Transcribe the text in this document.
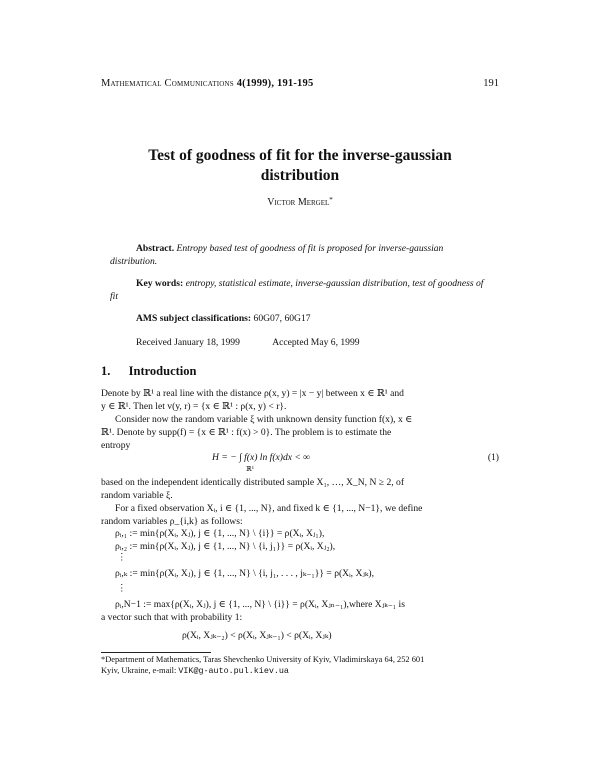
Mathematical Communications 4(1999), 191-195	191
Test of goodness of fit for the inverse-gaussian
distribution
Victor Mergel*
Abstract. Entropy based test of goodness of fit is proposed for inverse-gaussian distribution.
Key words: entropy, statistical estimate, inverse-gaussian distribution, test of goodness of fit
AMS subject classifications: 60G07, 60G17
Received January 18, 1999	Accepted May 6, 1999
1. Introduction
Denote by ℝ¹ a real line with the distance ρ(x, y) = |x − y| between x ∈ ℝ¹ and
y ∈ ℝ¹. Then let v(y, r) = {x ∈ ℝ¹ : ρ(x, y) < r}.
Consider now the random variable ξ with unknown density function f(x), x ∈
ℝ¹. Denote by supp(f) = {x ∈ ℝ¹ : f(x) > 0}. The problem is to estimate the
entropy
H = − ∫ f(x) ln f(x)dx < ∞
ℝ¹
(1)
based on the independent identically distributed sample X₁, …, X_N, N ≥ 2, of
random variable ξ.
For a fixed observation Xᵢ, i ∈ {1, ..., N}, and fixed k ∈ {1, ..., N−1}, we define
random variables ρ_{i,k} as follows:
ρᵢ,₁ := min{ρ(Xᵢ, Xⱼ), j ∈ {1, ..., N} \ {i}} = ρ(Xᵢ, Xⱼ₁),
ρᵢ,₂ := min{ρ(Xᵢ, Xⱼ), j ∈ {1, ..., N} \ {i, j₁}} = ρ(Xᵢ, Xⱼ₂),
⋮
ρᵢ,ₖ := min{ρ(Xᵢ, Xⱼ), j ∈ {1, ..., N} \ {i, j₁, . . . , jₖ₋₁}} = ρ(Xᵢ, Xⱼₖ),
⋮
ρᵢ,N−1 := max{ρ(Xᵢ, Xⱼ), j ∈ {1, ..., N} \ {i}} = ρ(Xᵢ, Xⱼₙ₋₁),where Xⱼₖ₋₁ is
a vector such that with probability 1:
ρ(Xᵢ, Xⱼₖ₋₂) < ρ(Xᵢ, Xⱼₖ₋₁) < ρ(Xᵢ, Xⱼₖ)
*Department of Mathematics, Taras Shevchenko University of Kyiv, Vladimirskaya 64, 252 601
Kyiv, Ukraine, e-mail: VIK@g-auto.pul.kiev.ua
